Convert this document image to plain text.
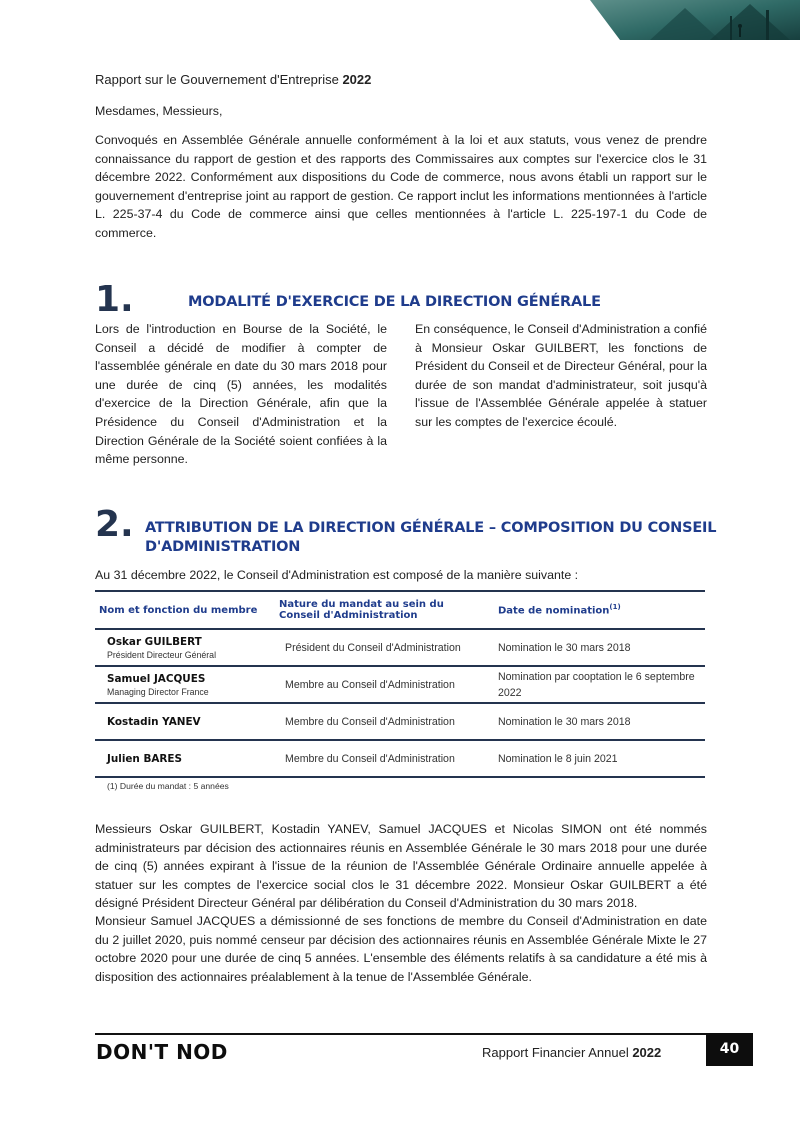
Rapport sur le Gouvernement d'Entreprise 2022

Mesdames, Messieurs,

Convoqués en Assemblée Générale annuelle conformément à la loi et aux statuts, vous venez de prendre connaissance du rapport de gestion et des rapports des Commissaires aux comptes sur l'exercice clos le 31 décembre 2022. Conformément aux dispositions du Code de commerce, nous avons établi un rapport sur le gouvernement d'entreprise joint au rapport de gestion. Ce rapport inclut les informations mentionnées à l'article L. 225-37-4 du Code de commerce ainsi que celles mentionnées à l'article L. 225-197-1 du Code de commerce.

1.	MODALITÉ D'EXERCICE DE LA DIRECTION GÉNÉRALE

Lors de l'introduction en Bourse de la Société, le Conseil a décidé de modifier à compter de l'assemblée générale en date du 30 mars 2018 pour une durée de cinq (5) années, les modalités d'exercice de la Direction Générale, afin que la Présidence du Conseil d'Administration et la Direction Générale de la Société soient confiées à la même personne.

En conséquence, le Conseil d'Administration a confié à Monsieur Oskar GUILBERT, les fonctions de Président du Conseil et de Directeur Général, pour la durée de son mandat d'administrateur, soit jusqu'à l'issue de l'Assemblée Générale appelée à statuer sur les comptes de l'exercice écoulé.

2. ATTRIBUTION DE LA DIRECTION GÉNÉRALE – COMPOSITION DU CONSEIL
D'ADMINISTRATION

Au 31 décembre 2022, le Conseil d'Administration est composé de la manière suivante :

Nom et fonction du membre	Nature du mandat au sein du Conseil d'Administration	Date de nomination$^{(1)}$

Oskar GUILBERT
Président Directeur Général	Président du Conseil d'Administration	Nomination le 30 mars 2018

Samuel JACQUES
Managing Director France	Membre au Conseil d'Administration	Nomination par cooptation le 6 septembre 2022

Kostadin YANEV	Membre du Conseil d'Administration	Nomination le 30 mars 2018

Julien BARES	Membre du Conseil d'Administration	Nomination le 8 juin 2021
(1) Durée du mandat : 5 années

Messieurs Oskar GUILBERT, Kostadin YANEV, Samuel JACQUES et Nicolas SIMON ont été nommés administrateurs par décision des actionnaires réunis en Assemblée Générale le 30 mars 2018 pour une durée de cinq (5) années expirant à l'issue de la réunion de l'Assemblée Générale Ordinaire annuelle appelée à statuer sur les comptes de l'exercice social clos le 31 décembre 2022. Monsieur Oskar GUILBERT a été désigné Président Directeur Général par délibération du Conseil d'Administration du 30 mars 2018.

Monsieur Samuel JACQUES a démissionné de ses fonctions de membre du Conseil d'Administration en date du 2 juillet 2020, puis nommé censeur par décision des actionnaires réunis en Assemblée Générale Mixte le 27 octobre 2020 pour une durée de cinq 5 années. L'ensemble des éléments relatifs à sa candidature a été mis à disposition des actionnaires préalablement à la tenue de l'Assemblée Générale.

DON'T NOD	Rapport Financier Annuel 2022	40
